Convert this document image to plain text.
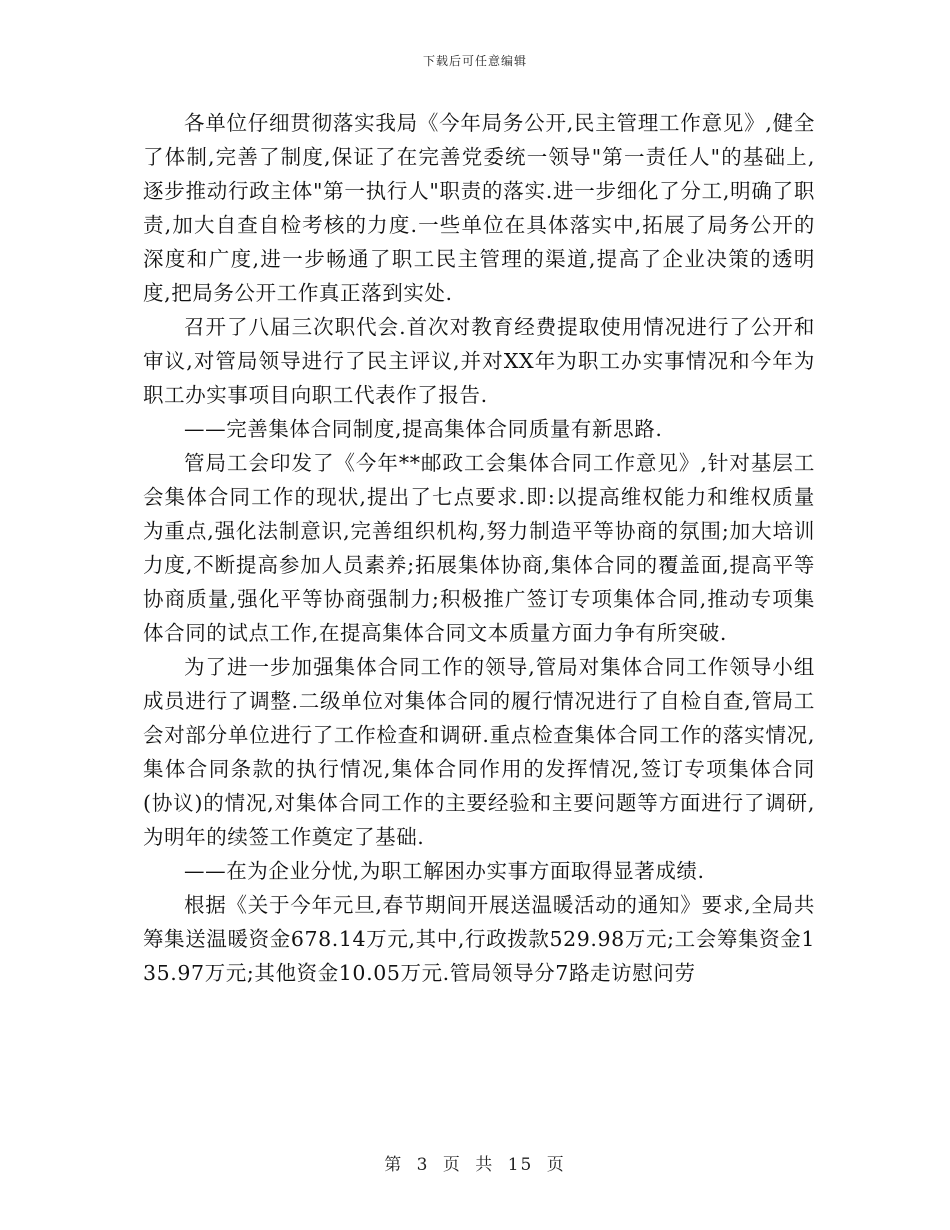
下载后可任意编辑

各单位仔细贯彻落实我局《今年局务公开,民主管理工作意见》,健全了体制,完善了制度,保证了在完善党委统一领导"第一责任人"的基础上,逐步推动行政主体"第一执行人"职责的落实.进一步细化了分工,明确了职责,加大自查自检考核的力度.一些单位在具体落实中,拓展了局务公开的深度和广度,进一步畅通了职工民主管理的渠道,提高了企业决策的透明度,把局务公开工作真正落到实处.

召开了八届三次职代会.首次对教育经费提取使用情况进行了公开和审议,对管局领导进行了民主评议,并对XX年为职工办实事情况和今年为职工办实事项目向职工代表作了报告.

——完善集体合同制度,提高集体合同质量有新思路.

管局工会印发了《今年**邮政工会集体合同工作意见》,针对基层工会集体合同工作的现状,提出了七点要求.即:以提高维权能力和维权质量为重点,强化法制意识,完善组织机构,努力制造平等协商的氛围;加大培训力度,不断提高参加人员素养;拓展集体协商,集体合同的覆盖面,提高平等协商质量,强化平等协商强制力;积极推广签订专项集体合同,推动专项集体合同的试点工作,在提高集体合同文本质量方面力争有所突破.

为了进一步加强集体合同工作的领导,管局对集体合同工作领导小组成员进行了调整.二级单位对集体合同的履行情况进行了自检自查,管局工会对部分单位进行了工作检查和调研.重点检查集体合同工作的落实情况,集体合同条款的执行情况,集体合同作用的发挥情况,签订专项集体合同(协议)的情况,对集体合同工作的主要经验和主要问题等方面进行了调研,为明年的续签工作奠定了基础.

——在为企业分忧,为职工解困办实事方面取得显著成绩.

根据《关于今年元旦,春节期间开展送温暖活动的通知》要求,全局共筹集送温暖资金678.14万元,其中,行政拨款529.98万元;工会筹集资金135.97万元;其他资金10.05万元.管局领导分7路走访慰问劳

第 3 页 共 15 页
